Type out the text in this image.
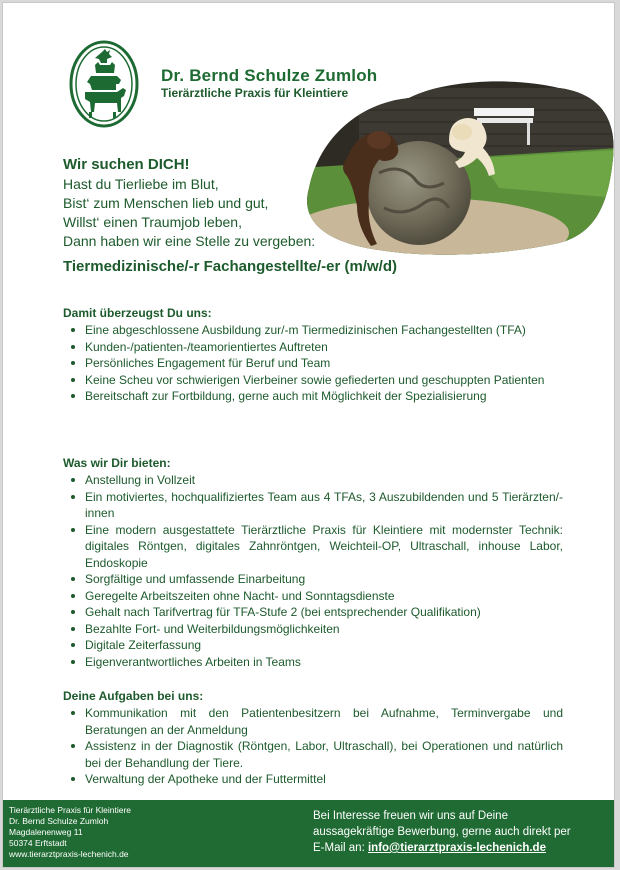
Dr. Bernd Schulze Zumloh
Tierärztliche Praxis für Kleintiere
Wir suchen DICH!
Hast du Tierliebe im Blut,
Bist‘ zum Menschen lieb und gut,
Willst‘ einen Traumjob leben,
Dann haben wir eine Stelle zu vergeben:
Tiermedizinische/-r Fachangestellte/-er (m/w/d)
Damit überzeugst Du uns:
Eine abgeschlossene Ausbildung zur/-m Tiermedizinischen Fachangestellten (TFA)
Kunden-/patienten-/teamorientiertes Auftreten
Persönliches Engagement für Beruf und Team
Keine Scheu vor schwierigen Vierbeiner sowie gefiederten und geschuppten Patienten
Bereitschaft zur Fortbildung, gerne auch mit Möglichkeit der Spezialisierung
Was wir Dir bieten:
Anstellung in Vollzeit
Ein motiviertes, hochqualifiziertes Team aus 4 TFAs, 3 Auszubildenden und 5 Tierärzten/-innen
Eine modern ausgestattete Tierärztliche Praxis für Kleintiere mit modernster Technik: digitales Röntgen, digitales Zahnröntgen, Weichteil-OP, Ultraschall, inhouse Labor, Endoskopie
Sorgfältige und umfassende Einarbeitung
Geregelte Arbeitszeiten ohne Nacht- und Sonntagsdienste
Gehalt nach Tarifvertrag für TFA-Stufe 2 (bei entsprechender Qualifikation)
Bezahlte Fort- und Weiterbildungsmöglichkeiten
Digitale Zeiterfassung
Eigenverantwortliches Arbeiten in Teams
Deine Aufgaben bei uns:
Kommunikation mit den Patientenbesitzern bei Aufnahme, Terminvergabe und Beratungen an der Anmeldung
Assistenz in der Diagnostik (Röntgen, Labor, Ultraschall), bei Operationen und natürlich bei der Behandlung der Tiere.
Verwaltung der Apotheke und der Futtermittel
Tierärztliche Praxis für Kleintiere
Dr. Bernd Schulze Zumloh
Magdalenenweg 11
50374 Erftstadt
www.tierarztpraxis-lechenich.de
Bei Interesse freuen wir uns auf Deine
aussagekräftige Bewerbung, gerne auch direkt per
E-Mail an: info@tierarztpraxis-lechenich.de
